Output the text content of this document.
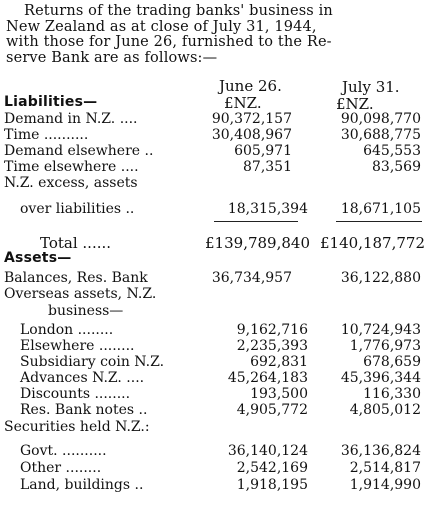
Returns of the trading banks' business in
New Zealand as at close of July 31, 1944,
with those for June 26, furnished to the Re-
serve Bank are as follows:—
June 26.	July 31.
£NZ.	£NZ.
Liabilities—
Demand in N.Z. ....	90,372,157	90,098,770
Time ..........	30,408,967	30,688,775
Demand elsewhere ..	605,971	645,553
Time elsewhere ....	87,351	83,569
N.Z. excess, assets
over liabilities ..	18,315,394 18,671,105
Total ......	£139,789,840 £140,187,772
Assets—
Balances, Res. Bank	36,734,957	36,122,880
Overseas assets, N.Z.
business—
London ........	9,162,716 10,724,943
Elsewhere ........	2,235,393	1,776,973
Subsidiary coin N.Z.	692,831	678,659
Advances N.Z. ....	45,264,183 45,396,344
Discounts ........	193,500	116,330
Res. Bank notes ..	4,905,772	4,805,012
Securities held N.Z.:
Govt. ..........	36,140,124 36,136,824
Other ........	2,542,169	2,514,817
Land, buildings ..	1,918,195	1,914,990
